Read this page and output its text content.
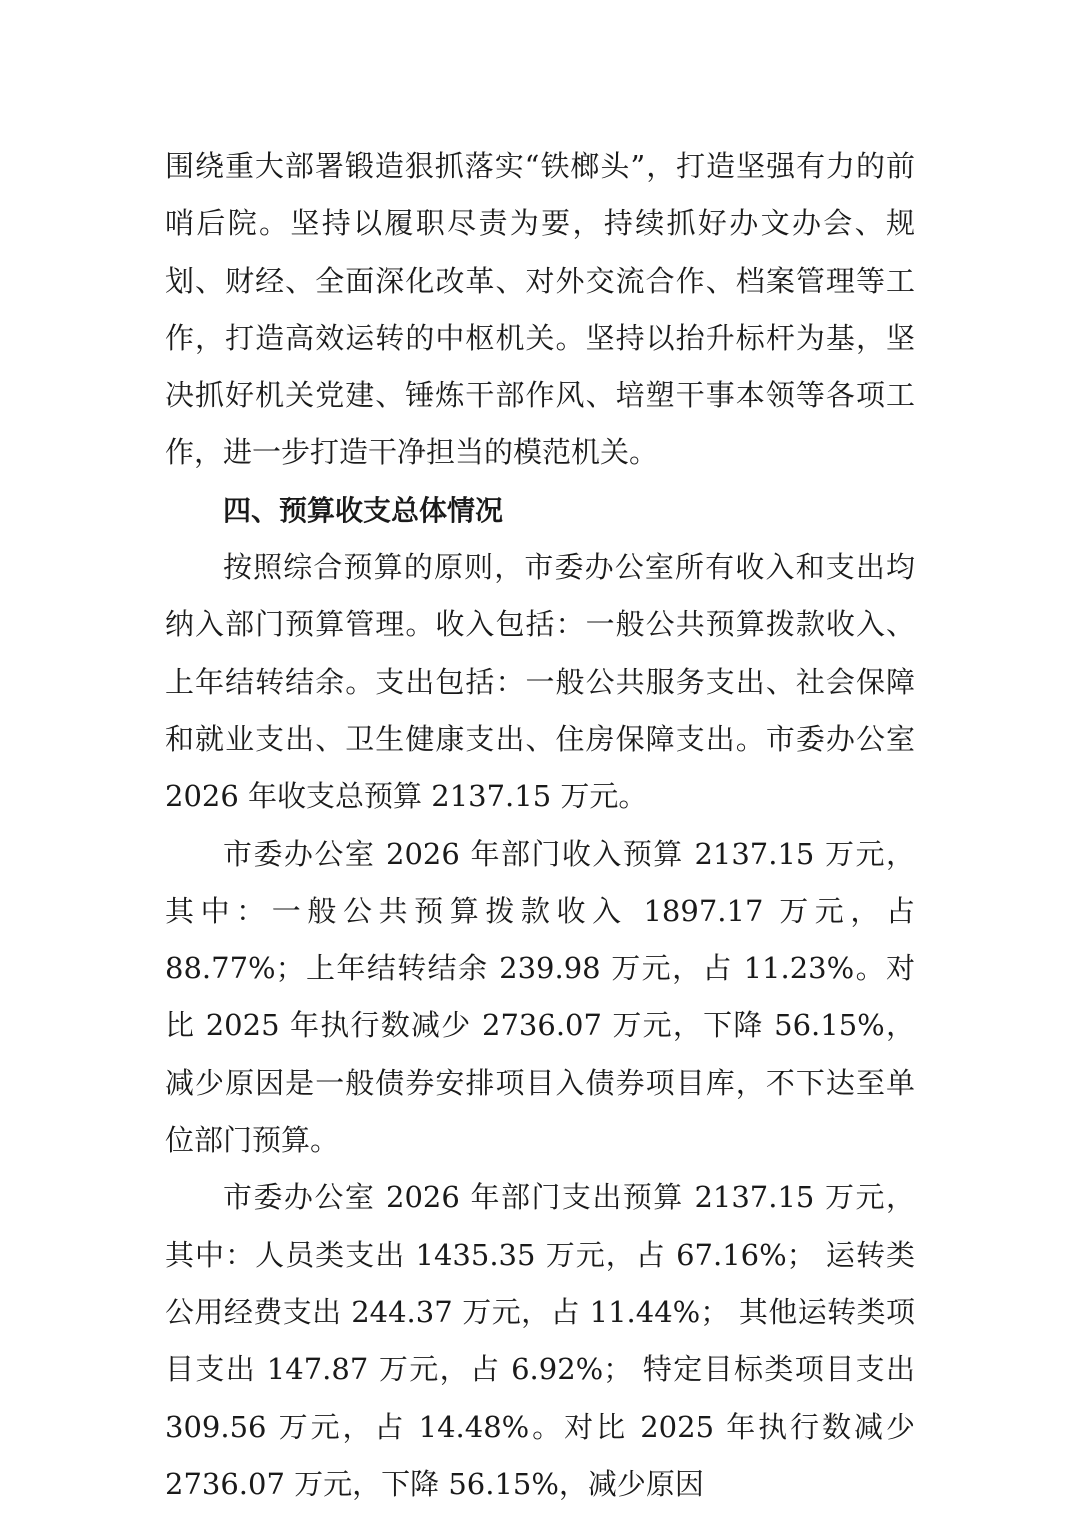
围绕重大部署锻造狠抓落实“铁榔头”，打造坚强有力的前哨后院。坚持以履职尽责为要，持续抓好办文办会、规划、财经、全面深化改革、对外交流合作、档案管理等工作，打造高效运转的中枢机关。坚持以抬升标杆为基，坚决抓好机关党建、锤炼干部作风、培塑干事本领等各项工作，进一步打造干净担当的模范机关。

四、预算收支总体情况

按照综合预算的原则，市委办公室所有收入和支出均纳入部门预算管理。收入包括：一般公共预算拨款收入、上年结转结余。支出包括：一般公共服务支出、社会保障和就业支出、卫生健康支出、住房保障支出。市委办公室 2026 年收支总预算 2137.15 万元。

市委办公室 2026 年部门收入预算 2137.15 万元，其中：一般公共预算拨款收入 1897.17 万元，占 88.77%；上年结转结余 239.98 万元，占 11.23%。对比 2025 年执行数减少 2736.07 万元，下降 56.15%，减少原因是一般债券安排项目入债券项目库，不下达至单位部门预算。

市委办公室 2026 年部门支出预算 2137.15 万元，其中：人员类支出 1435.35 万元，占 67.16%； 运转类公用经费支出 244.37 万元，占 11.44%； 其他运转类项目支出 147.87 万元，占 6.92%； 特定目标类项目支出 309.56 万元，占 14.48%。对比 2025 年执行数减少 2736.07 万元，下降 56.15%，减少原因
